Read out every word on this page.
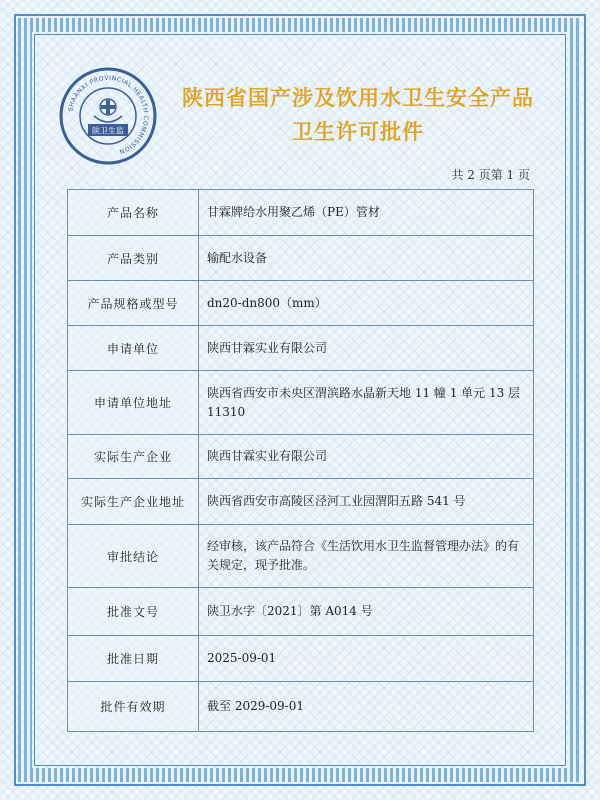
SHAANXI PROVINCIAL HEALTH COMMISSION
陕卫生监
陕西省国产涉及饮用水卫生安全产品
卫生许可批件
共 2 页第 1 页
产品名称	甘霖牌给水用聚乙烯（PE）管材
产品类别	输配水设备
产品规格或型号	dn20-dn800（mm）
申请单位	陕西甘霖实业有限公司
申请单位地址	陕西省西安市未央区渭滨路水晶新天地 11 幢 1 单元 13 层 11310
实际生产企业	陕西甘霖实业有限公司
实际生产企业地址	陕西省西安市高陵区泾河工业园渭阳五路 541 号
审批结论	经审核，该产品符合《生活饮用水卫生监督管理办法》的有关规定，现予批准。
批准文号	陕卫水字〔2021〕第 A014 号
批准日期	2025-09-01
批件有效期	截至 2029-09-01
